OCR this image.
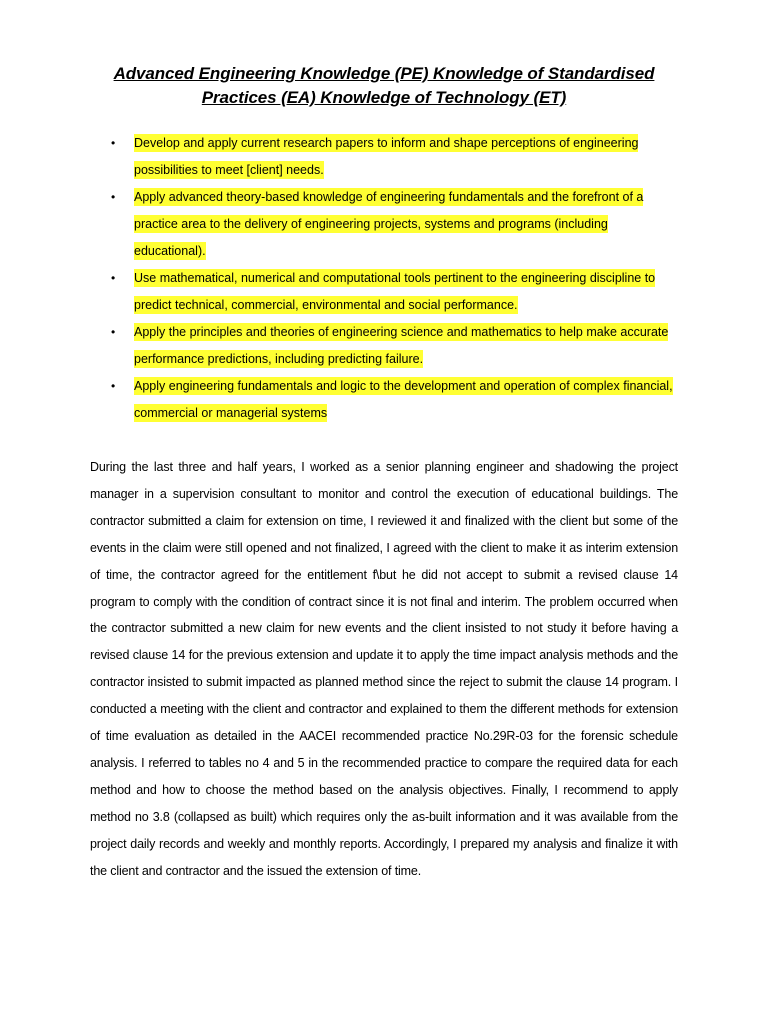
Advanced Engineering Knowledge (PE) Knowledge of Standardised
Practices (EA) Knowledge of Technology (ET)
• Develop and apply current research papers to inform and shape perceptions of engineering possibilities to meet [client] needs.
• Apply advanced theory-based knowledge of engineering fundamentals and the forefront of a practice area to the delivery of engineering projects, systems and programs (including educational).
• Use mathematical, numerical and computational tools pertinent to the engineering discipline to predict technical, commercial, environmental and social performance.
• Apply the principles and theories of engineering science and mathematics to help make accurate performance predictions, including predicting failure.
• Apply engineering fundamentals and logic to the development and operation of complex financial, commercial or managerial systems

During the last three and half years, I worked as a senior planning engineer and shadowing the project manager in a supervision consultant to monitor and control the execution of educational buildings. The contractor submitted a claim for extension on time, I reviewed it and finalized with the client but some of the events in the claim were still opened and not finalized, I agreed with the client to make it as interim extension of time, the contractor agreed for the entitlement f\but he did not accept to submit a revised clause 14 program to comply with the condition of contract since it is not final and interim. The problem occurred when the contractor submitted a new claim for new events and the client insisted to not study it before having a revised clause 14 for the previous extension and update it to apply the time impact analysis methods and the contractor insisted to submit impacted as planned method since the reject to submit the clause 14 program. I conducted a meeting with the client and contractor and explained to them the different methods for extension of time evaluation as detailed in the AACEI recommended practice No.29R-03 for the forensic schedule analysis. I referred to tables no 4 and 5 in the recommended practice to compare the required data for each method and how to choose the method based on the analysis objectives. Finally, I recommend to apply method no 3.8 (collapsed as built) which requires only the as-built information and it was available from the project daily records and weekly and monthly reports. Accordingly, I prepared my analysis and finalize it with the client and contractor and the issued the extension of time.
